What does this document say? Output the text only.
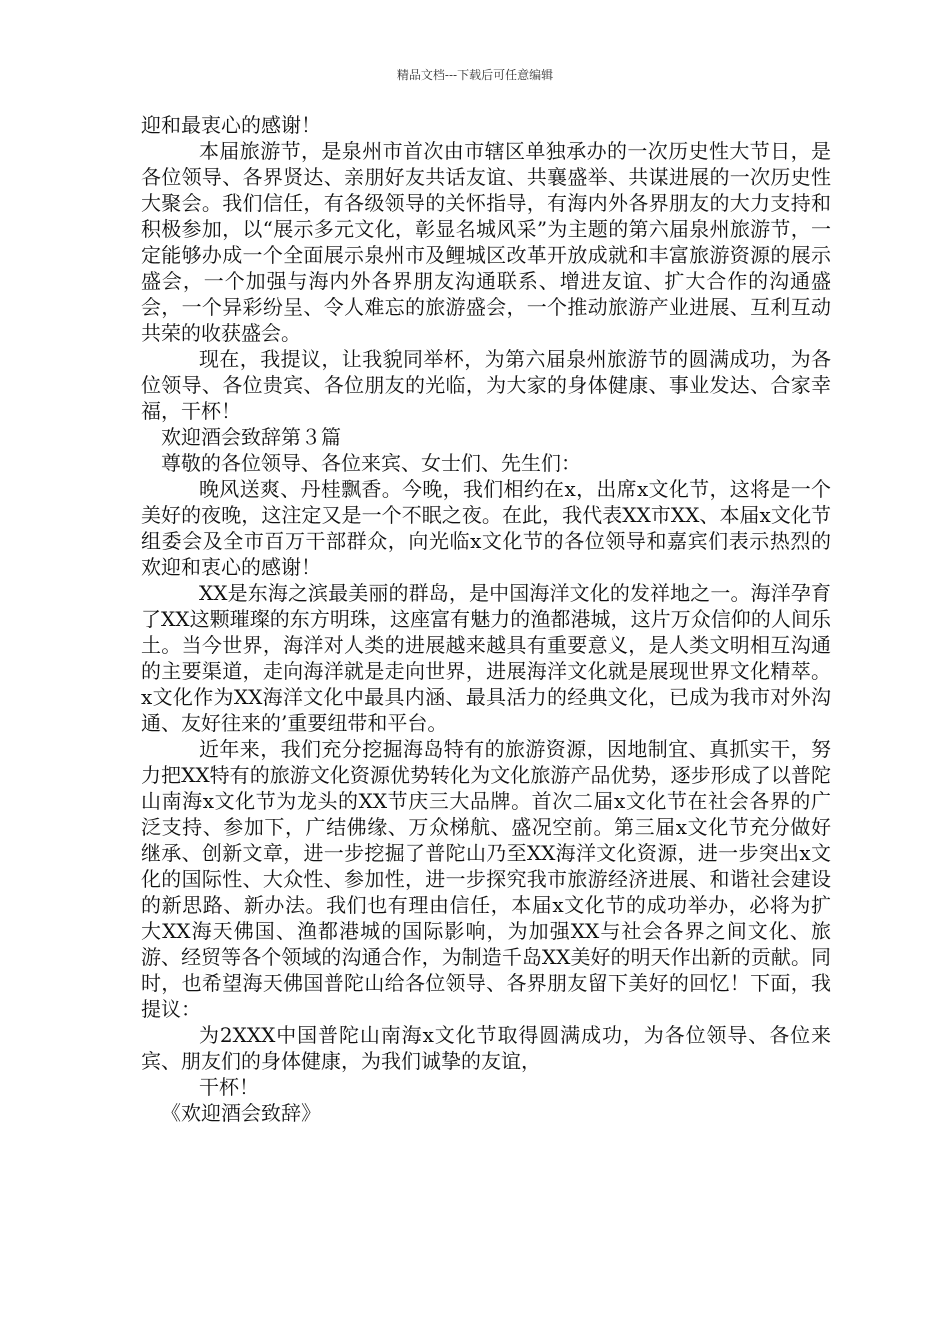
精品文档---下载后可任意编辑

迎和最衷心的感谢！

本届旅游节，是泉州市首次由市辖区单独承办的一次历史性大节日，是各位领导、各界贤达、亲朋好友共话友谊、共襄盛举、共谋进展的一次历史性大聚会。我们信任，有各级领导的关怀指导，有海内外各界朋友的大力支持和积极参加，以“展示多元文化，彰显名城风采”为主题的第六届泉州旅游节，一定能够办成一个全面展示泉州市及鲤城区改革开放成就和丰富旅游资源的展示盛会，一个加强与海内外各界朋友沟通联系、增进友谊、扩大合作的沟通盛会，一个异彩纷呈、令人难忘的旅游盛会，一个推动旅游产业进展、互利互动共荣的收获盛会。

现在，我提议，让我貌同举杯，为第六届泉州旅游节的圆满成功，为各位领导、各位贵宾、各位朋友的光临，为大家的身体健康、事业发达、合家幸福，干杯！

欢迎酒会致辞第３篇

尊敬的各位领导、各位来宾、女士们、先生们：

晚风送爽、丹桂飘香。今晚，我们相约在x，出席x文化节，这将是一个美好的夜晚，这注定又是一个不眠之夜。在此，我代表XX市XX、本届x文化节组委会及全市百万干部群众，向光临x文化节的各位领导和嘉宾们表示热烈的欢迎和衷心的感谢！

XX是东海之滨最美丽的群岛，是中国海洋文化的发祥地之一。海洋孕育了XX这颗璀璨的东方明珠，这座富有魅力的渔都港城，这片万众信仰的人间乐土。当今世界，海洋对人类的进展越来越具有重要意义，是人类文明相互沟通的主要渠道，走向海洋就是走向世界，进展海洋文化就是展现世界文化精萃。x文化作为XX海洋文化中最具内涵、最具活力的经典文化，已成为我市对外沟通、友好往来的’重要纽带和平台。

近年来，我们充分挖掘海岛特有的旅游资源，因地制宜、真抓实干，努力把XX特有的旅游文化资源优势转化为文化旅游产品优势，逐步形成了以普陀山南海x文化节为龙头的XX节庆三大品牌。首次二届x文化节在社会各界的广泛支持、参加下，广结佛缘、万众梯航、盛况空前。第三届x文化节充分做好继承、创新文章，进一步挖掘了普陀山乃至XX海洋文化资源，进一步突出x文化的国际性、大众性、参加性，进一步探究我市旅游经济进展、和谐社会建设的新思路、新办法。我们也有理由信任，本届x文化节的成功举办，必将为扩大XX海天佛国、渔都港城的国际影响，为加强XX与社会各界之间文化、旅游、经贸等各个领域的沟通合作，为制造千岛XX美好的明天作出新的贡献。同时，也希望海天佛国普陀山给各位领导、各界朋友留下美好的回忆！下面，我提议：

为2XXX中国普陀山南海x文化节取得圆满成功，为各位领导、各位来宾、朋友们的身体健康，为我们诚挚的友谊，

干杯！

《欢迎酒会致辞》
